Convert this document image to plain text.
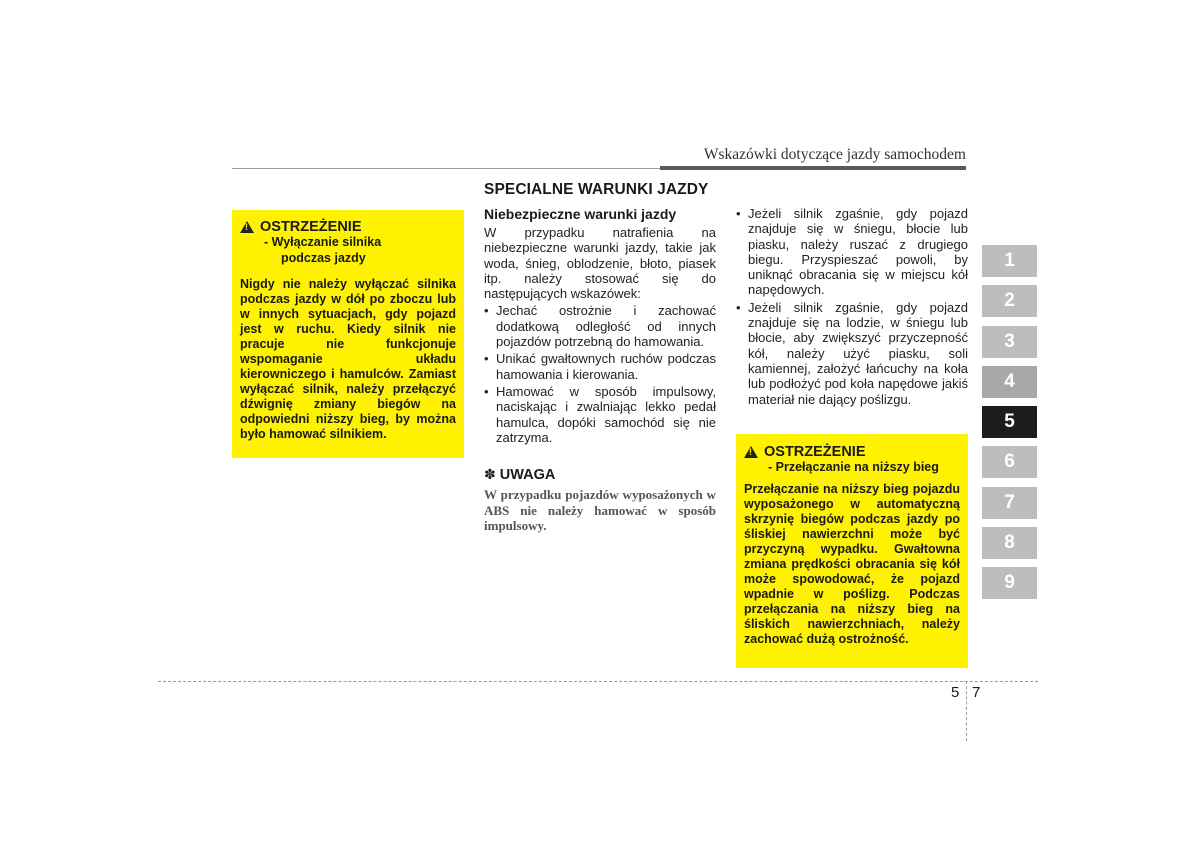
Wskazówki dotyczące jazdy samochodem
SPECIALNE WARUNKI JAZDY
!
OSTRZEŻENIE
- Wyłączanie silnika
podczas jazdy
Nigdy nie należy wyłączać silnika podczas jazdy w dół po zboczu lub w innych sytuacjach, gdy pojazd jest w ruchu. Kiedy silnik nie pracuje nie funkcjonuje wspomaganie układu kierowniczego i hamulców. Zamiast wyłączać silnik, należy przełączyć dźwignię zmiany biegów na odpowiedni niższy bieg, by można było hamować silnikiem.
Niebezpieczne warunki jazdy
W przypadku natrafienia na niebezpieczne warunki jazdy, takie jak woda, śnieg, oblodzenie, błoto, piasek itp. należy stosować się do następujących wskazówek:
• Jechać ostrożnie i zachować dodatkową odległość od innych pojazdów potrzebną do hamowania.
• Unikać gwałtownych ruchów podczas hamowania i kierowania.
• Hamować w sposób impulsowy, naciskając i zwalniając lekko pedał hamulca, dopóki samochód się nie zatrzyma.
✽ UWAGA
W przypadku pojazdów wyposażonych w ABS nie należy hamować w sposób impulsowy.
• Jeżeli silnik zgaśnie, gdy pojazd znajduje się w śniegu, błocie lub piasku, należy ruszać z drugiego biegu. Przyspieszać powoli, by uniknąć obracania się w miejscu kół napędowych.
• Jeżeli silnik zgaśnie, gdy pojazd znajduje się na lodzie, w śniegu lub błocie, aby zwiększyć przyczepność kół, należy użyć piasku, soli kamiennej, założyć łańcuchy na koła lub podłożyć pod koła napędowe jakiś materiał nie dający poślizgu.
!
OSTRZEŻENIE
- Przełączanie na niższy bieg
Przełączanie na niższy bieg pojazdu wyposażonego w automatyczną skrzynię biegów podczas jazdy po śliskiej nawierzchni może być przyczyną wypadku. Gwałtowna zmiana prędkości obracania się kół może spowodować, że pojazd wpadnie w poślizg. Podczas przełączania na niższy bieg na śliskich nawierzchniach, należy zachować dużą ostrożność.
1
2
3
4
5
6
7
8
9
5 7
